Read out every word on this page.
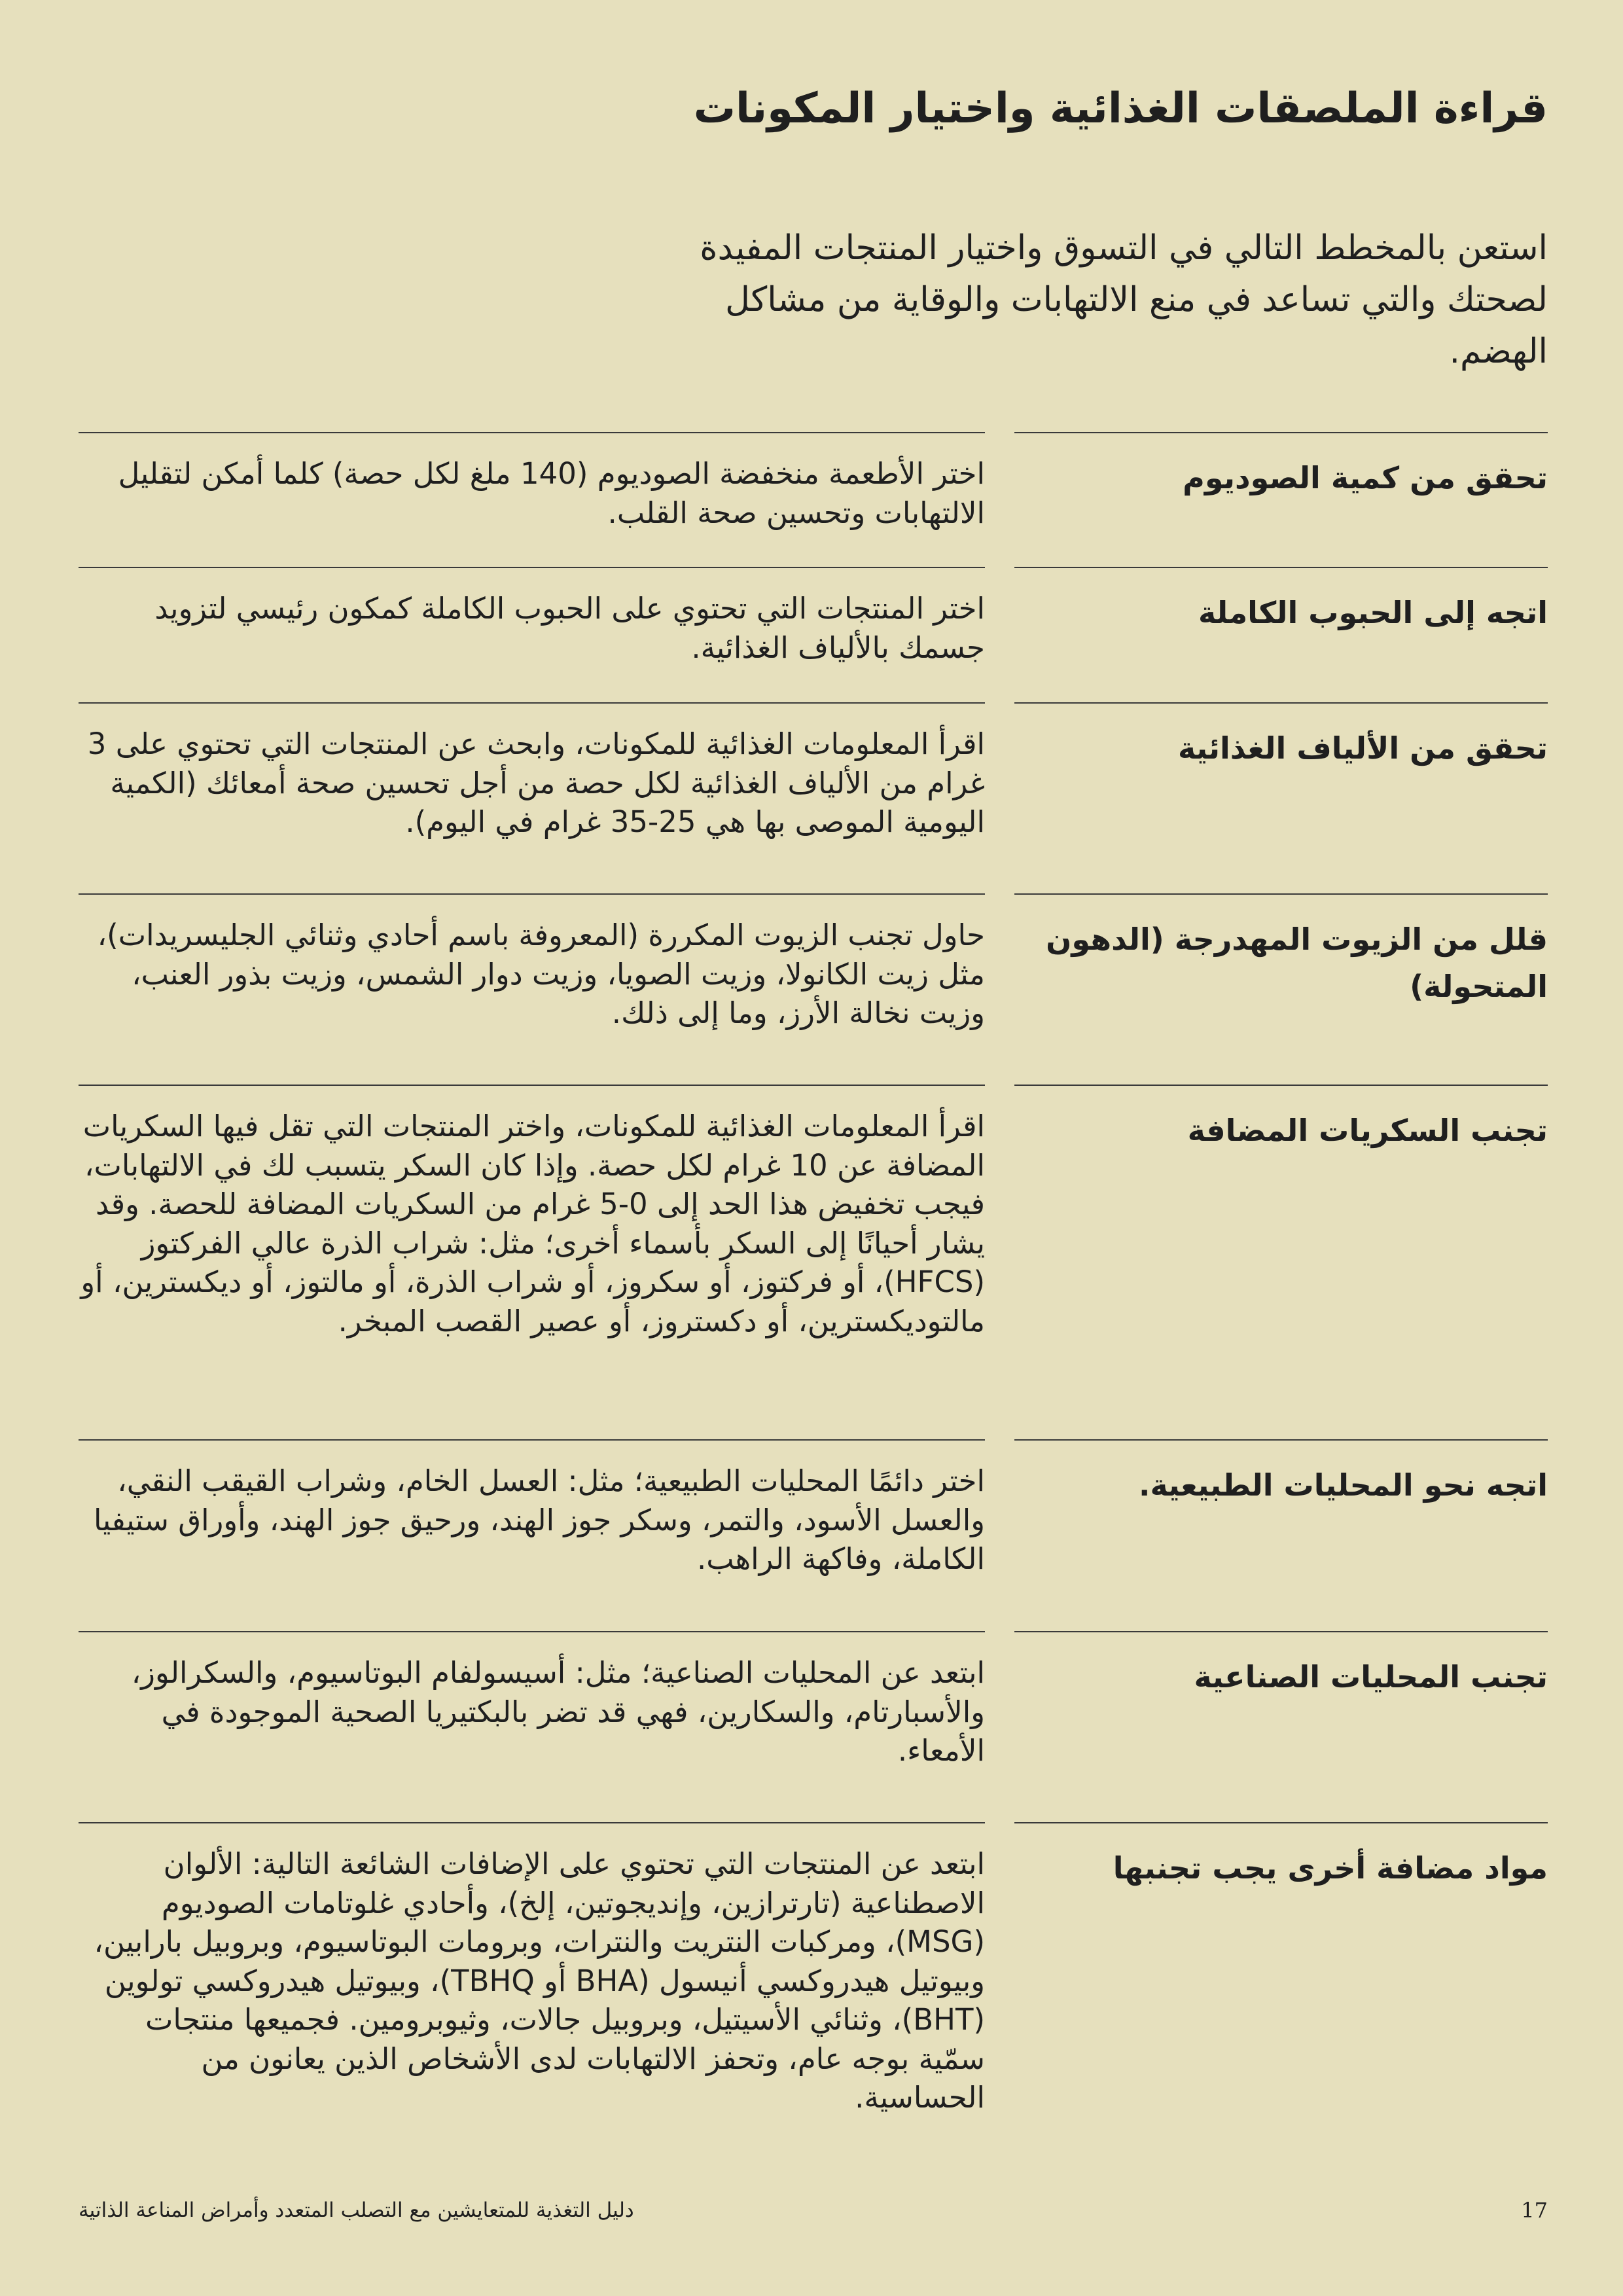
قراءة الملصقات الغذائية واختيار المكونات

استعن بالمخطط التالي في التسوق واختيار المنتجات المفيدة لصحتك والتي تساعد في منع الالتهابات والوقاية من مشاكل الهضم.

تحقق من كمية الصوديوم

اختر الأطعمة منخفضة الصوديوم (140 ملغ لكل حصة) كلما أمكن لتقليل الالتهابات وتحسين صحة القلب.

اتجه إلى الحبوب الكاملة

اختر المنتجات التي تحتوي على الحبوب الكاملة كمكون رئيسي لتزويد جسمك بالألياف الغذائية.

تحقق من الألياف الغذائية

اقرأ المعلومات الغذائية للمكونات، وابحث عن المنتجات التي تحتوي على 3 غرام من الألياف الغذائية لكل حصة من أجل تحسين صحة أمعائك (الكمية اليومية الموصى بها هي 25-35 غرام في اليوم).

قلل من الزيوت المهدرجة (الدهون المتحولة)

حاول تجنب الزيوت المكررة (المعروفة باسم أحادي وثنائي الجليسريدات)، مثل زيت الكانولا، وزيت الصويا، وزيت دوار الشمس، وزيت بذور العنب، وزيت نخالة الأرز، وما إلى ذلك.

تجنب السكريات المضافة

اقرأ المعلومات الغذائية للمكونات، واختر المنتجات التي تقل فيها السكريات المضافة عن 10 غرام لكل حصة. وإذا كان السكر يتسبب لك في الالتهابات، فيجب تخفيض هذا الحد إلى 0-5 غرام من السكريات المضافة للحصة. وقد يشار أحيانًا إلى السكر بأسماء أخرى؛ مثل: شراب الذرة عالي الفركتوز (HFCS)، أو فركتوز، أو سكروز، أو شراب الذرة، أو مالتوز، أو ديكسترين، أو مالتوديكسترين، أو دكستروز، أو عصير القصب المبخر.

اتجه نحو المحليات الطبيعية.

اختر دائمًا المحليات الطبيعية؛ مثل: العسل الخام، وشراب القيقب النقي، والعسل الأسود، والتمر، وسكر جوز الهند، ورحيق جوز الهند، وأوراق ستيفيا الكاملة، وفاكهة الراهب.

تجنب المحليات الصناعية

ابتعد عن المحليات الصناعية؛ مثل: أسيسولفام البوتاسيوم، والسكرالوز، والأسبارتام، والسكارين، فهي قد تضر بالبكتيريا الصحية الموجودة في الأمعاء.

مواد مضافة أخرى يجب تجنبها

ابتعد عن المنتجات التي تحتوي على الإضافات الشائعة التالية: الألوان الاصطناعية (تارترازين، وإنديجوتين، إلخ)، وأحادي غلوتامات الصوديوم (MSG)، ومركبات النتريت والنترات، وبرومات البوتاسيوم، وبروبيل بارابين، وبيوتيل هيدروكسي أنيسول (BHA أو TBHQ)، وبيوتيل هيدروكسي تولوين (BHT)، وثنائي الأسيتيل، وبروبيل جالات، وثيوبرومين. فجميعها منتجات سمّية بوجه عام، وتحفز الالتهابات لدى الأشخاص الذين يعانون من الحساسية.

دليل التغذية للمتعايشين مع التصلب المتعدد وأمراض المناعة الذاتية	17
